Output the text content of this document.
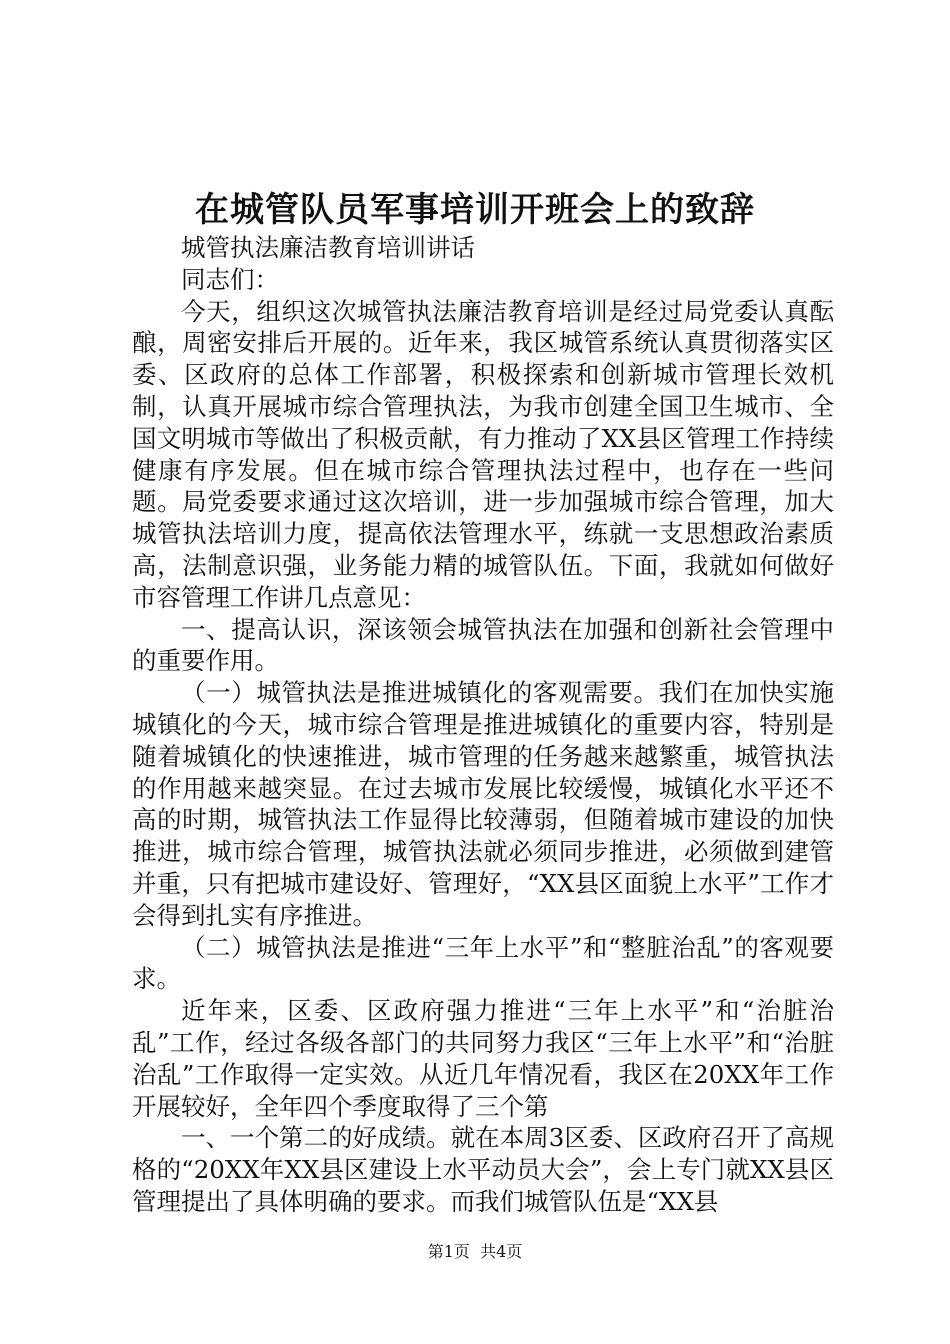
在城管队员军事培训开班会上的致辞

城管执法廉洁教育培训讲话

同志们：

今天，组织这次城管执法廉洁教育培训是经过局党委认真酝酿，周密安排后开展的。近年来，我区城管系统认真贯彻落实区委、区政府的总体工作部署，积极探索和创新城市管理长效机制，认真开展城市综合管理执法，为我市创建全国卫生城市、全国文明城市等做出了积极贡献，有力推动了XX县区管理工作持续健康有序发展。但在城市综合管理执法过程中，也存在一些问题。局党委要求通过这次培训，进一步加强城市综合管理，加大城管执法培训力度，提高依法管理水平，练就一支思想政治素质高，法制意识强，业务能力精的城管队伍。下面，我就如何做好市容管理工作讲几点意见：

一、提高认识，深该领会城管执法在加强和创新社会管理中的重要作用。

（一）城管执法是推进城镇化的客观需要。我们在加快实施城镇化的今天，城市综合管理是推进城镇化的重要内容，特别是随着城镇化的快速推进，城市管理的任务越来越繁重，城管执法的作用越来越突显。在过去城市发展比较缓慢，城镇化水平还不高的时期，城管执法工作显得比较薄弱，但随着城市建设的加快推进，城市综合管理，城管执法就必须同步推进，必须做到建管并重，只有把城市建设好、管理好，“XX县区面貌上水平”工作才会得到扎实有序推进。

（二）城管执法是推进“三年上水平”和“整脏治乱”的客观要求。

近年来，区委、区政府强力推进“三年上水平”和“治脏治乱”工作，经过各级各部门的共同努力我区“三年上水平”和“治脏治乱”工作取得一定实效。从近几年情况看，我区在20XX年工作开展较好，全年四个季度取得了三个第

一、一个第二的好成绩。就在本周3区委、区政府召开了高规格的“20XX年XX县区建设上水平动员大会”，会上专门就XX县区管理提出了具体明确的要求。而我们城管队伍是“XX县

第1页 共4页
